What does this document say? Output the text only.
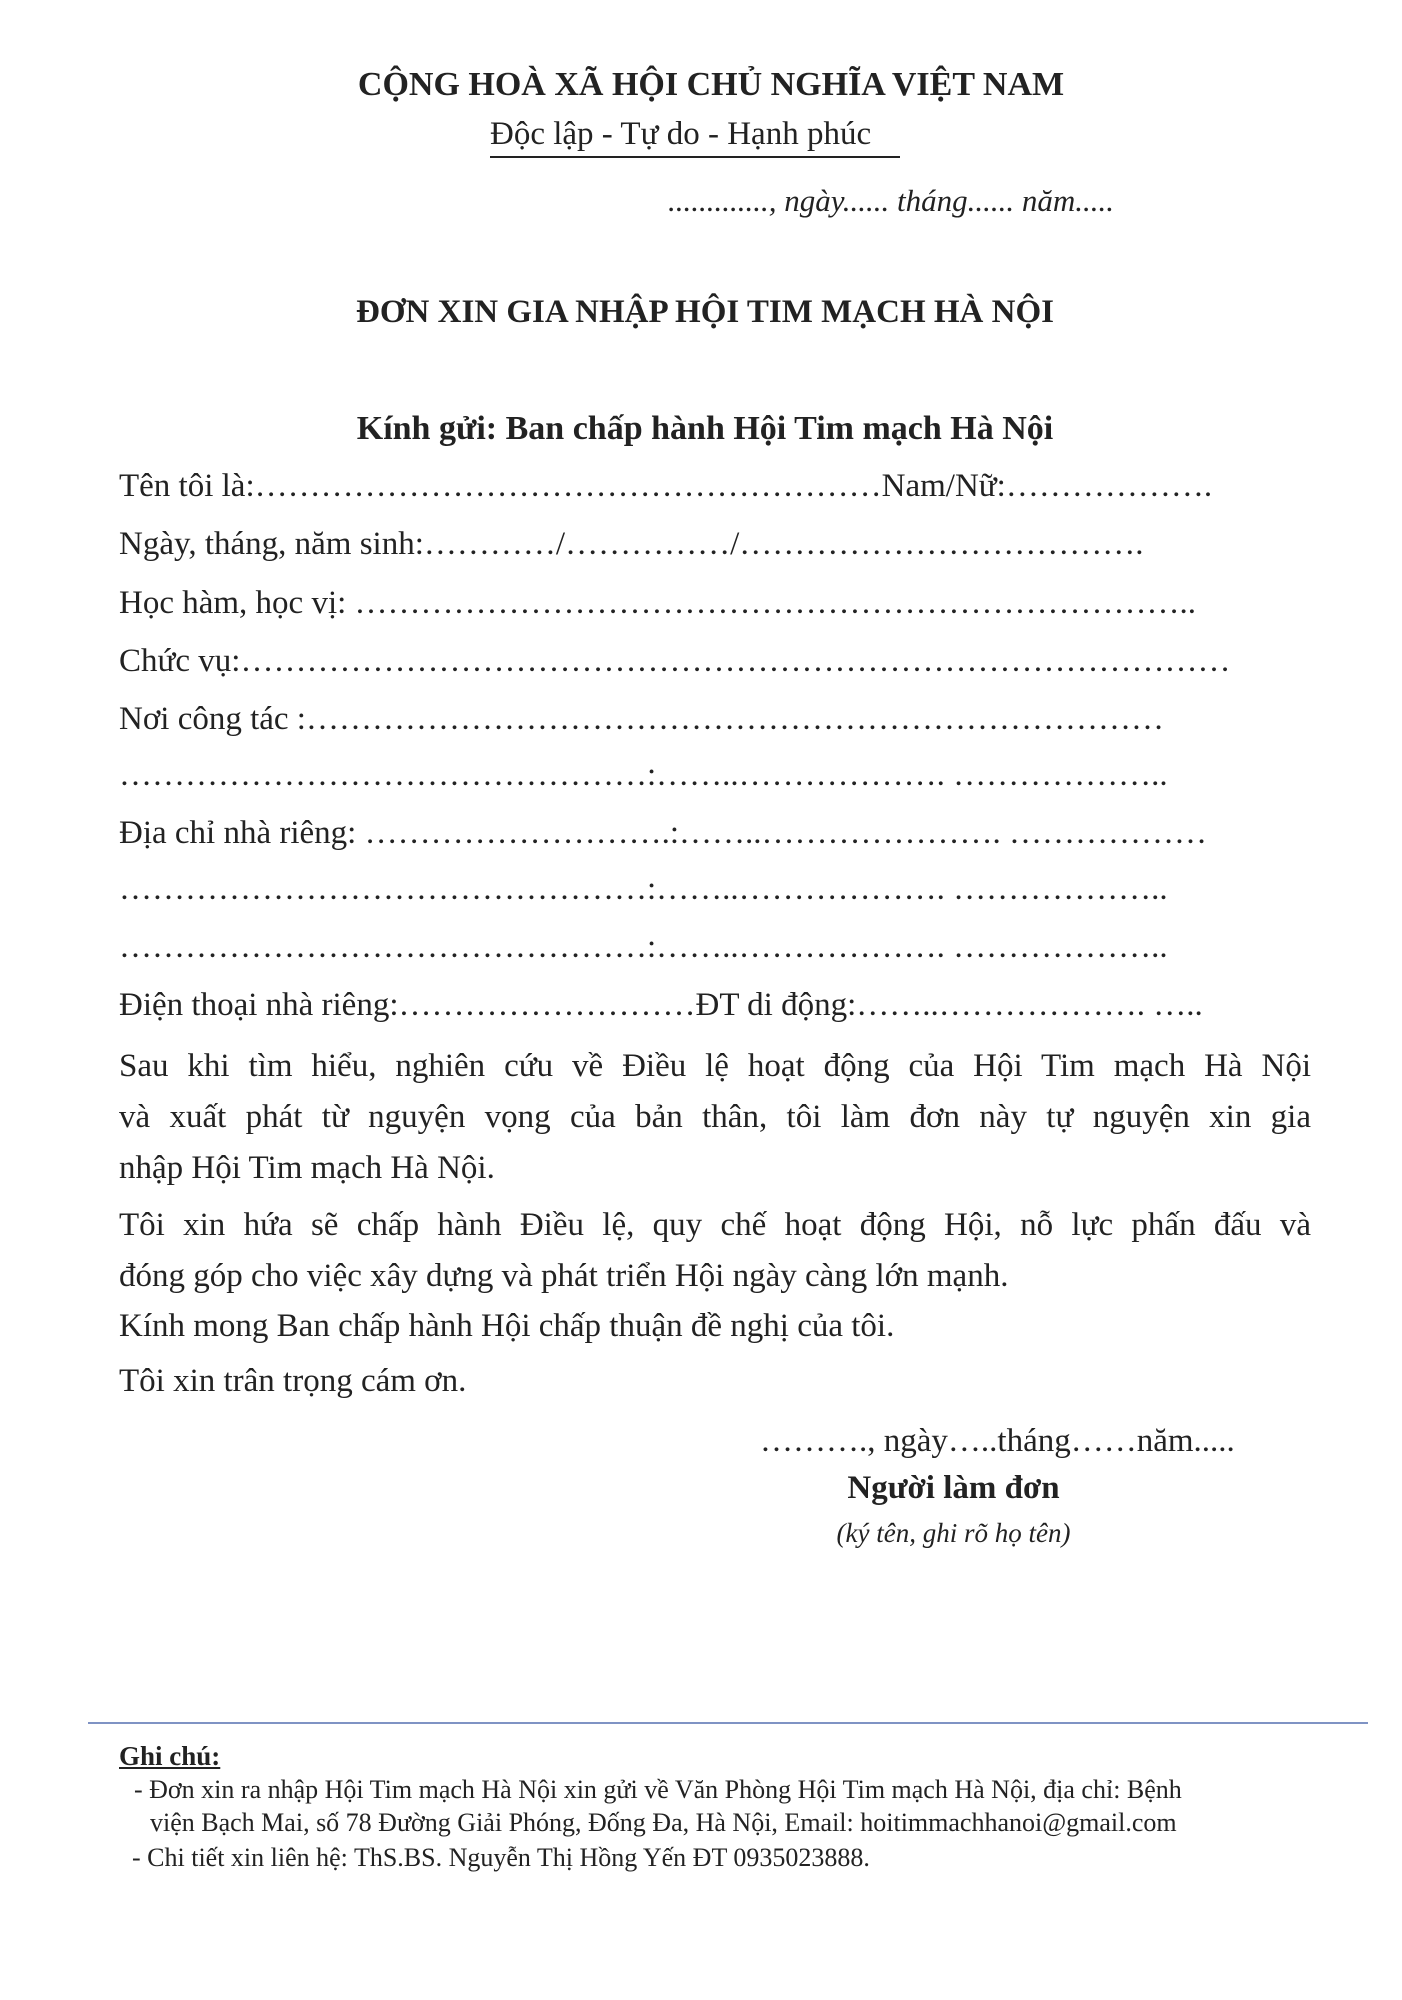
CỘNG HOÀ XÃ HỘI CHỦ NGHĨA VIỆT NAM
Độc lập - Tự do - Hạnh phúc
............., ngày...... tháng...... năm.....
ĐƠN XIN GIA NHẬP HỘI TIM MẠCH HÀ NỘI
Kính gửi: Ban chấp hành Hội Tim mạch Hà Nội
Tên tôi là:…………………………………………………Nam/Nữ:……………….
Ngày, tháng, năm sinh:…………/……………/……………………………….
Học hàm, học vị: …………………………………………………………………..
Chức vụ:………………………………………………………………………………
Nơi công tác :……………………………………………………………………
…………………………………………:……..………………. ………………..
Địa chỉ nhà riêng: ……………………….:……..…………………. ………………
…………………………………………:……..………………. ………………..
…………………………………………:……..………………. ………………..
Điện thoại nhà riêng:………………………ĐT di động:……..………………. …..
Sau khi tìm hiểu, nghiên cứu về Điều lệ hoạt động của Hội Tim mạch Hà Nội
và xuất phát từ nguyện vọng của bản thân, tôi làm đơn này tự nguyện xin gia
nhập Hội Tim mạch Hà Nội.
Tôi xin hứa sẽ chấp hành Điều lệ, quy chế hoạt động Hội, nỗ lực phấn đấu và
đóng góp cho việc xây dựng và phát triển Hội ngày càng lớn mạnh.
Kính mong Ban chấp hành Hội chấp thuận đề nghị của tôi.
Tôi xin trân trọng cám ơn.
………., ngày…..tháng……năm.....
Người làm đơn
(ký tên, ghi rõ họ tên)
Ghi chú:
- Đơn xin ra nhập Hội Tim mạch Hà Nội xin gửi về Văn Phòng Hội Tim mạch Hà Nội, địa chỉ: Bệnh
viện Bạch Mai, số 78 Đường Giải Phóng, Đống Đa, Hà Nội, Email: hoitimmachhanoi@gmail.com
- Chi tiết xin liên hệ: ThS.BS. Nguyễn Thị Hồng Yến ĐT 0935023888.
